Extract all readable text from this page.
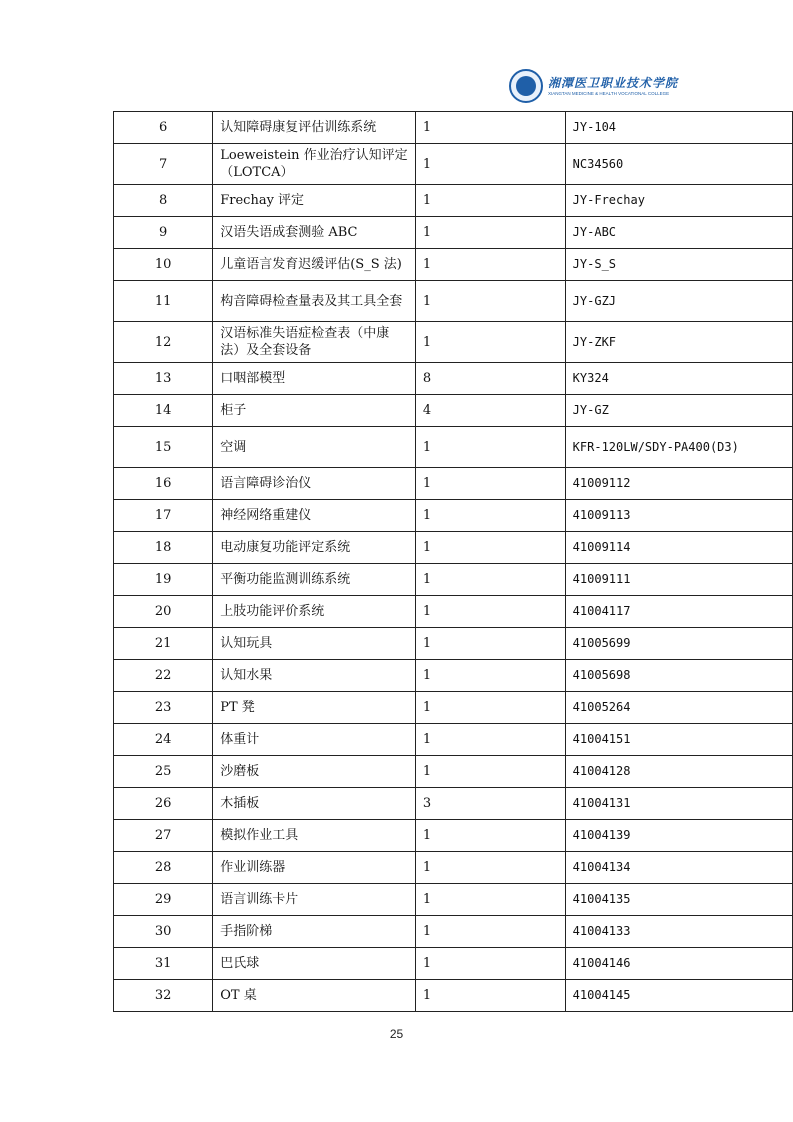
湘潭医卫职业技术学院
XIANGTAN MEDICINE & HEALTH VOCATIONAL COLLEGE
6	认知障碍康复评估训练系统	1	JY-104
7	Loeweistein 作业治疗认知评定（LOTCA）	1	NC34560
8	Frechay 评定	1	JY-Frechay
9	汉语失语成套测验 ABC	1	JY-ABC
10	儿童语言发育迟缓评估(S_S 法)	1	JY-S_S
11	构音障碍检查量表及其工具全套	1	JY-GZJ
12	汉语标准失语症检查表（中康法）及全套设备	1	JY-ZKF
13	口咽部模型	8	KY324
14	柜子	4	JY-GZ
15	空调	1	KFR-120LW/SDY-PA400(D3)
16	语言障碍诊治仪	1	41009112
17	神经网络重建仪	1	41009113
18	电动康复功能评定系统	1	41009114
19	平衡功能监测训练系统	1	41009111
20	上肢功能评价系统	1	41004117
21	认知玩具	1	41005699
22	认知水果	1	41005698
23	PT 凳	1	41005264
24	体重计	1	41004151
25	沙磨板	1	41004128
26	木插板	3	41004131
27	模拟作业工具	1	41004139
28	作业训练器	1	41004134
29	语言训练卡片	1	41004135
30	手指阶梯	1	41004133
31	巴氏球	1	41004146
32	OT 桌	1	41004145
25
